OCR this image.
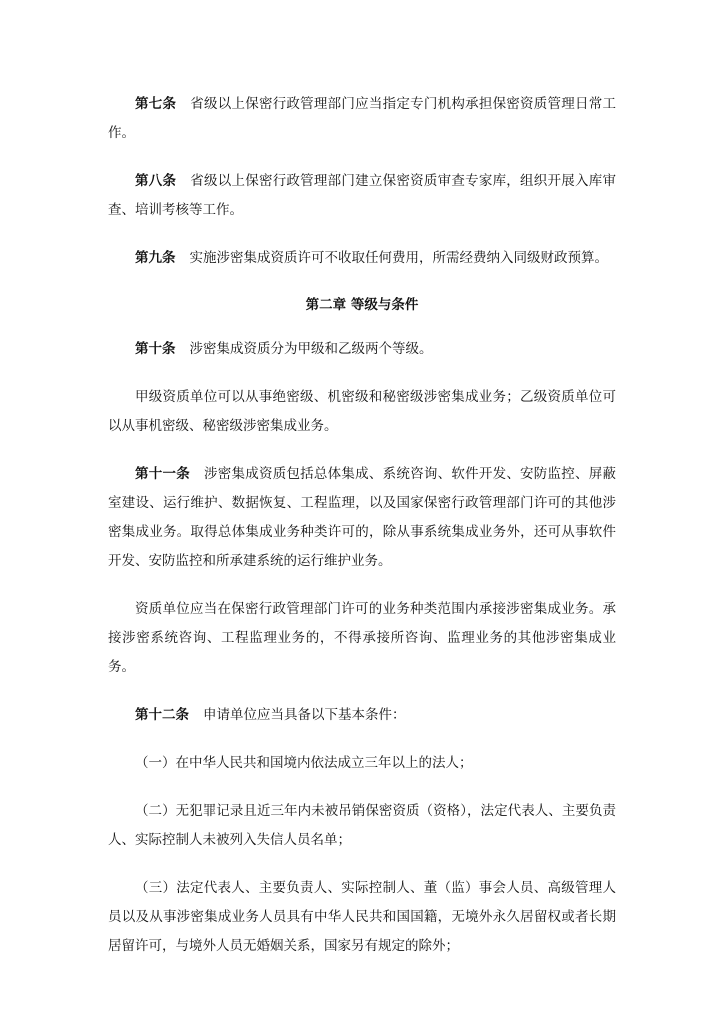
第七条 省级以上保密行政管理部门应当指定专门机构承担保密资质管理日常工作。

第八条 省级以上保密行政管理部门建立保密资质审查专家库，组织开展入库审查、培训考核等工作。

第九条 实施涉密集成资质许可不收取任何费用，所需经费纳入同级财政预算。

第二章 等级与条件

第十条 涉密集成资质分为甲级和乙级两个等级。

甲级资质单位可以从事绝密级、机密级和秘密级涉密集成业务；乙级资质单位可以从事机密级、秘密级涉密集成业务。

第十一条 涉密集成资质包括总体集成、系统咨询、软件开发、安防监控、屏蔽室建设、运行维护、数据恢复、工程监理，以及国家保密行政管理部门许可的其他涉密集成业务。取得总体集成业务种类许可的，除从事系统集成业务外，还可从事软件开发、安防监控和所承建系统的运行维护业务。

资质单位应当在保密行政管理部门许可的业务种类范围内承接涉密集成业务。承接涉密系统咨询、工程监理业务的，不得承接所咨询、监理业务的其他涉密集成业务。

第十二条 申请单位应当具备以下基本条件：

（一）在中华人民共和国境内依法成立三年以上的法人；

（二）无犯罪记录且近三年内未被吊销保密资质（资格），法定代表人、主要负责人、实际控制人未被列入失信人员名单；

（三）法定代表人、主要负责人、实际控制人、董（监）事会人员、高级管理人员以及从事涉密集成业务人员具有中华人民共和国国籍，无境外永久居留权或者长期居留许可，与境外人员无婚姻关系，国家另有规定的除外；
